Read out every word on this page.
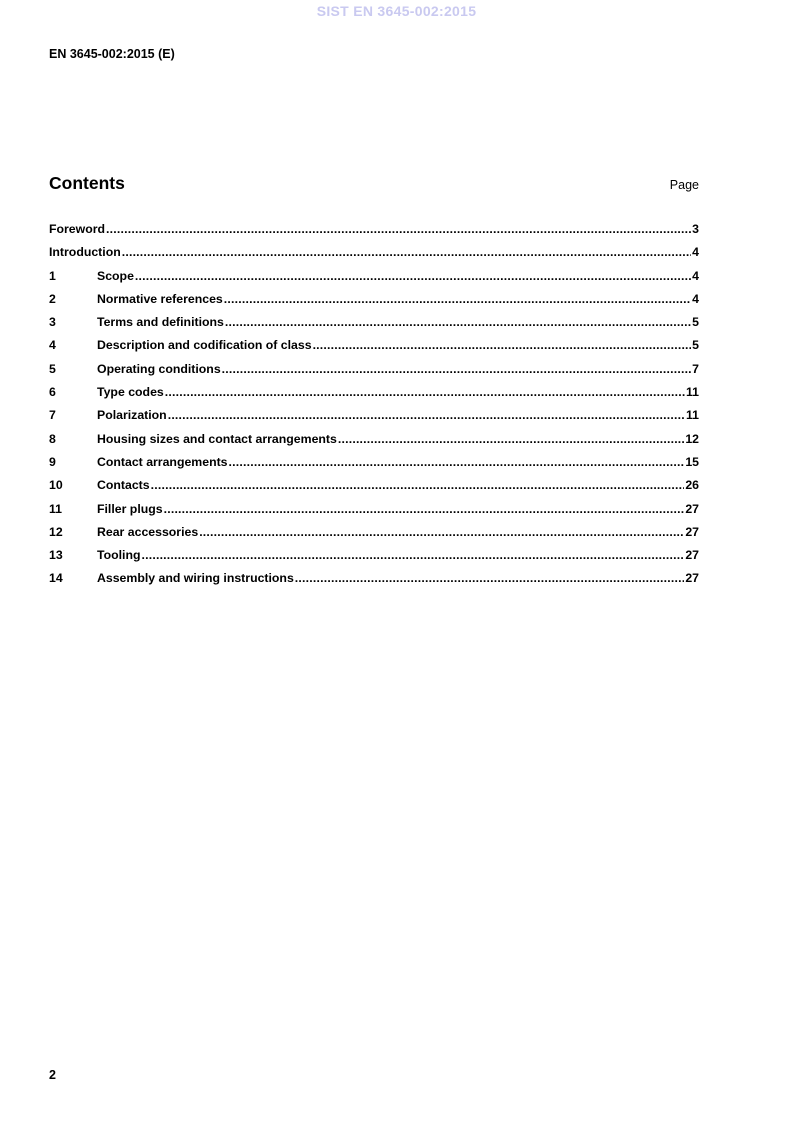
SIST EN 3645-002:2015
EN 3645-002:2015 (E)
Contents	Page
Foreword .....	3
Introduction .....	4
1	Scope .....	4
2	Normative references .....	4
3	Terms and definitions .....	5
4	Description and codification of class .....	5
5	Operating conditions .....	7
6	Type codes .....	11
7	Polarization .....	11
8	Housing sizes and contact arrangements .....	12
9	Contact arrangements .....	15
10	Contacts .....	26
11	Filler plugs .....	27
12	Rear accessories .....	27
13	Tooling .....	27
14	Assembly and wiring instructions .....	27
2
